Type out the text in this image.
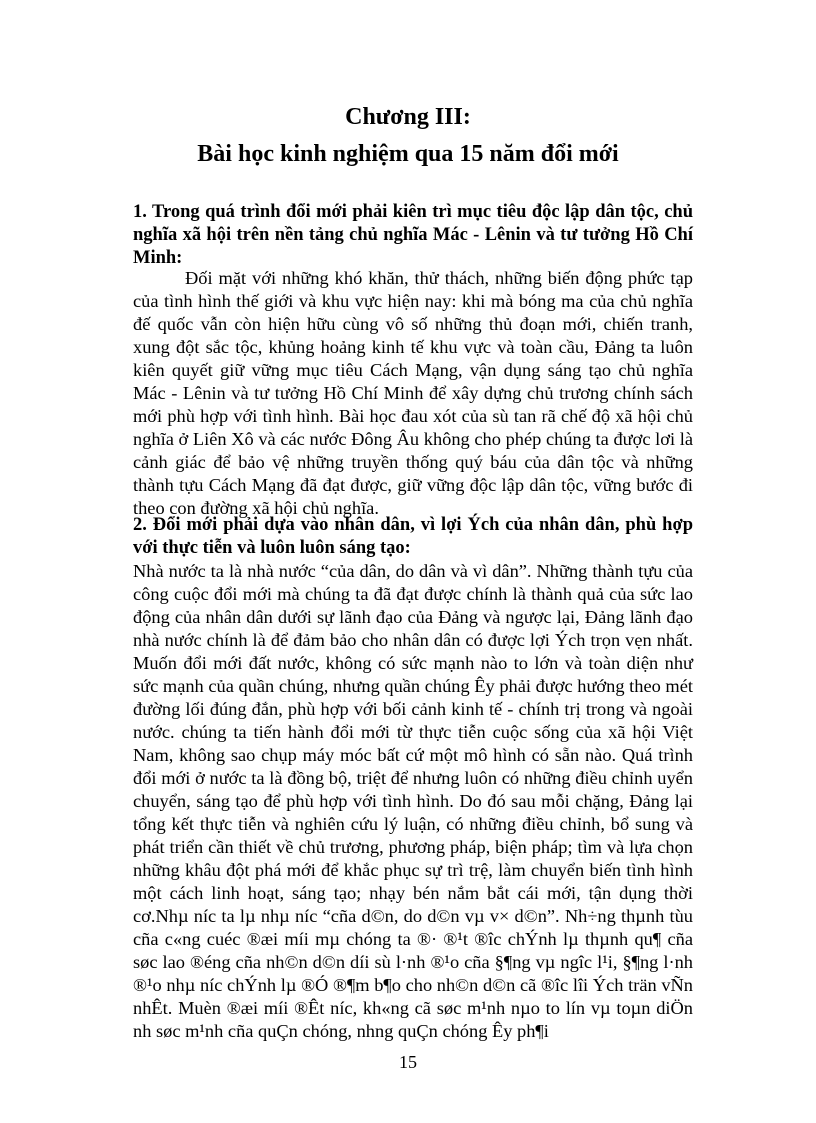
Chương III:
Bài học kinh nghiệm qua 15 năm đổi mới
1. Trong quá trình đổi mới phải kiên trì mục tiêu độc lập dân tộc, chủ nghĩa xã hội trên nền tảng chủ nghĩa Mác - Lênin và tư tưởng Hồ Chí Minh:
Đối mặt với những khó khăn, thử thách, những biến động phức tạp của tình hình thế giới và khu vực hiện nay: khi mà bóng ma của chủ nghĩa đế quốc vẫn còn hiện hữu cùng vô số những thủ đoạn mới, chiến tranh, xung đột sắc tộc, khủng hoảng kinh tế khu vực và toàn cầu, Đảng ta luôn kiên quyết giữ vững mục tiêu Cách Mạng, vận dụng sáng tạo chủ nghĩa Mác - Lênin và tư tưởng Hồ Chí Minh để xây dựng chủ trương chính sách mới phù hợp với tình hình. Bài học đau xót của sù tan rã chế độ xã hội chủ nghĩa ở Liên Xô và các nước Đông Âu không cho phép chúng ta được lơi là cảnh giác để bảo vệ những truyền thống quý báu của dân tộc và những thành tựu Cách Mạng đã đạt được, giữ vững độc lập dân tộc, vững bước đi theo con đường xã hội chủ nghĩa.
2. Đổi mới phải dựa vào nhân dân, vì lợi Ých của nhân dân, phù hợp với thực tiễn và luôn luôn sáng tạo:
Nhà nước ta là nhà nước “của dân, do dân và vì dân”. Những thành tựu của công cuộc đổi mới mà chúng ta đã đạt được chính là thành quả của sức lao động của nhân dân dưới sự lãnh đạo của Đảng và ngược lại, Đảng lãnh đạo nhà nước chính là để đảm bảo cho nhân dân có được lợi Ých trọn vẹn nhất. Muốn đổi mới đất nước, không có sức mạnh nào to lớn và toàn diện như sức mạnh của quần chúng, nhưng quần chúng Êy phải được hướng theo mét đường lối đúng đắn, phù hợp với bối cảnh kinh tế - chính trị trong và ngoài nước. chúng ta tiến hành đổi mới từ thực tiễn cuộc sống của xã hội Việt Nam, không sao chụp máy móc bất cứ một mô hình có sẵn nào. Quá trình đổi mới ở nước ta là đồng bộ, triệt để nhưng luôn có những điều chỉnh uyển chuyển, sáng tạo để phù hợp với tình hình. Do đó sau mỗi chặng, Đảng lại tổng kết thực tiễn và nghiên cứu lý luận, có những điều chỉnh, bổ sung và phát triển cần thiết về chủ trương, phương pháp, biện pháp; tìm và lựa chọn những khâu đột phá mới để khắc phục sự trì trệ, làm chuyển biến tình hình một cách linh hoạt, sáng tạo; nhạy bén nắm bắt cái mới, tận dụng thời cơ.Nhµ níc ta lµ nhµ níc “cña d©n, do d©n vµ v× d©n”. Nh÷ng thµnh tùu cña c«ng cuéc ®æi míi mµ chóng ta ®· ®¹t ®îc chÝnh lµ thµnh qu¶ cña søc lao ®éng cña nh©n d©n díi sù l·nh ®¹o cña §¶ng vµ ngîc l¹i, §¶ng l·nh ®¹o nhµ níc chÝnh lµ ®Ó ®¶m b¶o cho nh©n d©n cã ®îc lîi Ých trän vÑn nhÊt. Muèn ®æi míi ®Êt níc, kh«ng cã søc m¹nh nµo to lín vµ toµn diÖn nh søc m¹nh cña quÇn chóng, nhng quÇn chóng Êy ph¶i
15
